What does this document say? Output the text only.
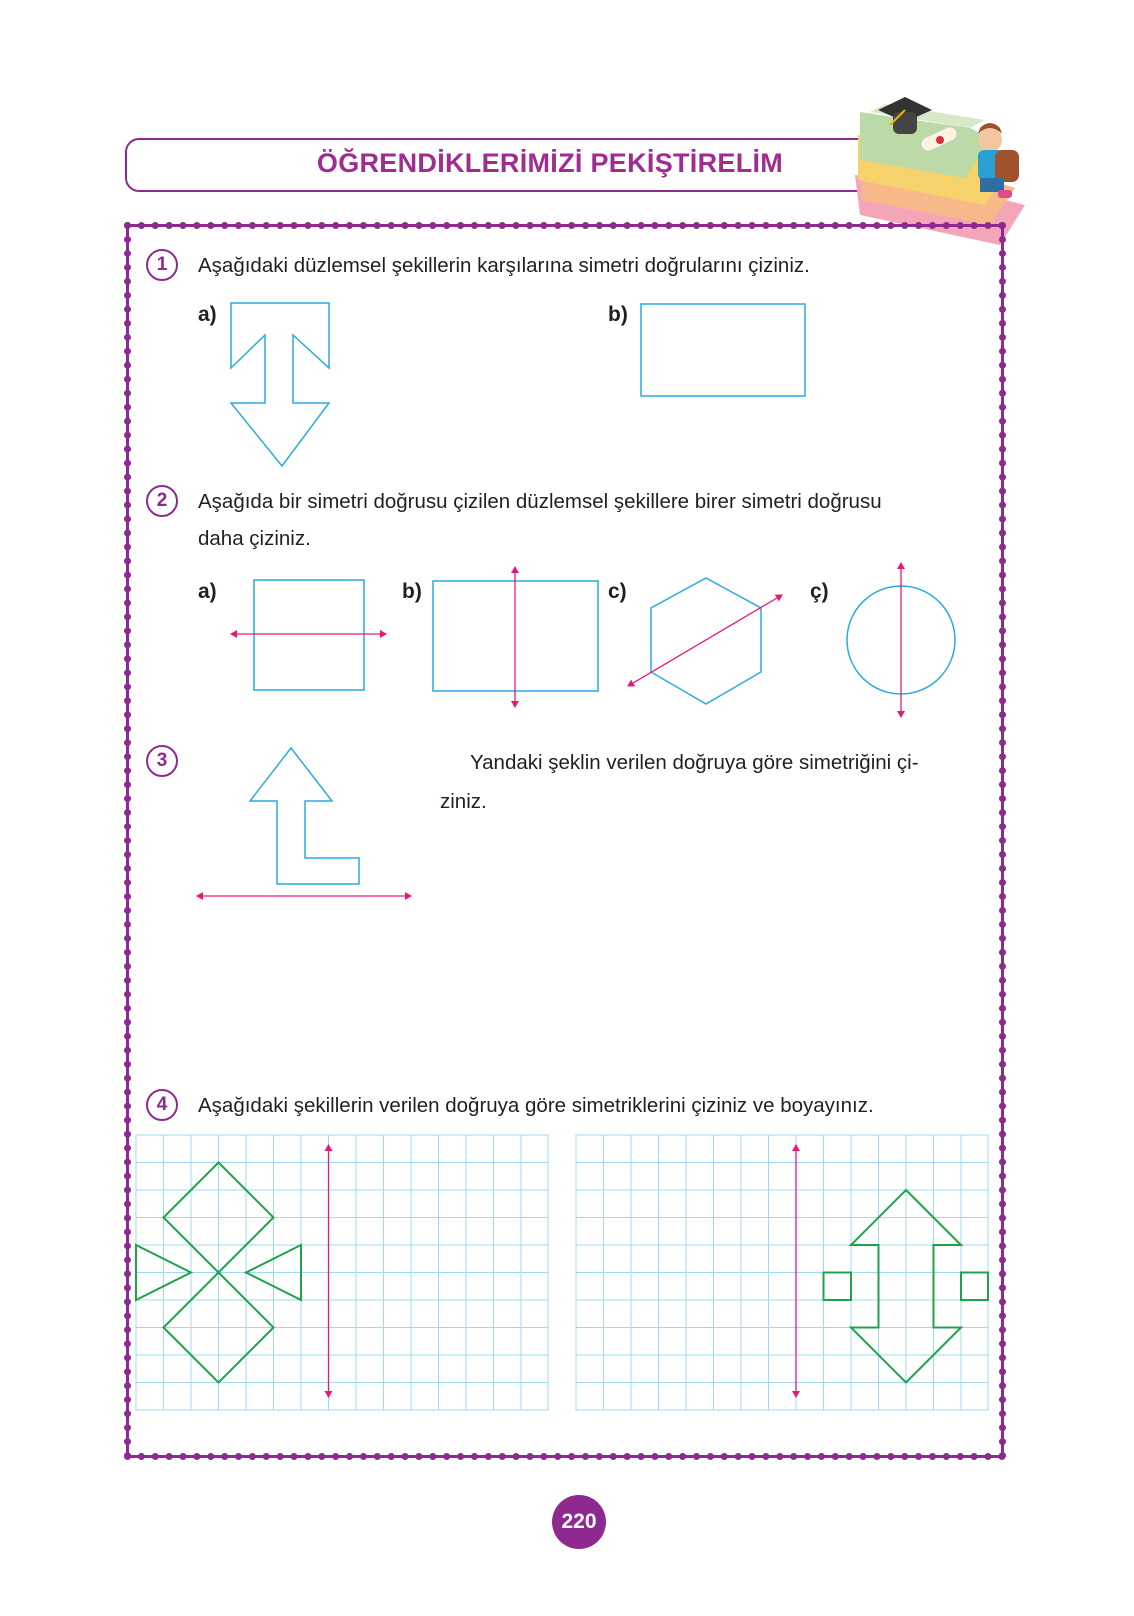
ÖĞRENDİKLERİMİZİ PEKİŞTİRELİM
1	Aşağıdaki düzlemsel şekillerin karşılarına simetri doğrularını çiziniz.
a)	b)
2	Aşağıda bir simetri doğrusu çizilen düzlemsel şekillere birer simetri doğrusu
daha çiziniz.
a)	b)	c)	ç)
3	Yandaki şeklin verilen doğruya göre simetriğini çi-
ziniz.
4	Aşağıdaki şekillerin verilen doğruya göre simetriklerini çiziniz ve boyayınız.
220
